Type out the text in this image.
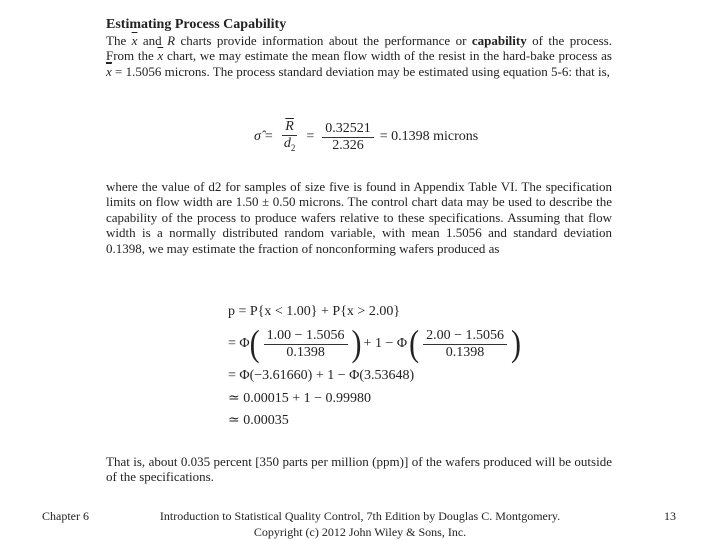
Estimating Process Capability

The $\overline{x}$ and R charts provide information about the performance or capability of the process. From the $\overline{x}$ chart, we may estimate the mean flow width of the resist in the hard-bake process as $\overline{x} = 1.5056$ microns. The process standard deviation may be estimated using equation 5-6: that is,

σ̂ = $\frac{\overline{R}}{d_2} = \frac{0.32521}{2.326} = 0.1398$ microns

where the value of d2 for samples of size five is found in Appendix Table VI. The specification limits on flow width are 1.50 ± 0.50 microns. The control chart data may be used to describe the capability of the process to produce wafers relative to these specifications. Assuming that flow width is a normally distributed random variable, with mean 1.5056 and standard deviation 0.1398, we may estimate the fraction of nonconforming wafers produced as

p = P{x < 1.00} + P{x > 2.00}
= Φ ( $\frac{1.00 - 1.5056}{0.1398}$ ) + 1 − Φ ( $\frac{2.00 - 1.5056}{0.1398}$ )
= Φ(−3.61660) + 1 − Φ(3.53648)
≃ 0.00015 + 1 − 0.99980
≃ 0.00035

That is, about 0.035 percent [350 parts per million (ppm)] of the wafers produced will be outside of the specifications.

Chapter 6	Introduction to Statistical Quality Control, 7th Edition by Douglas C. Montgomery.
Copyright (c) 2012 John Wiley & Sons, Inc.
13
